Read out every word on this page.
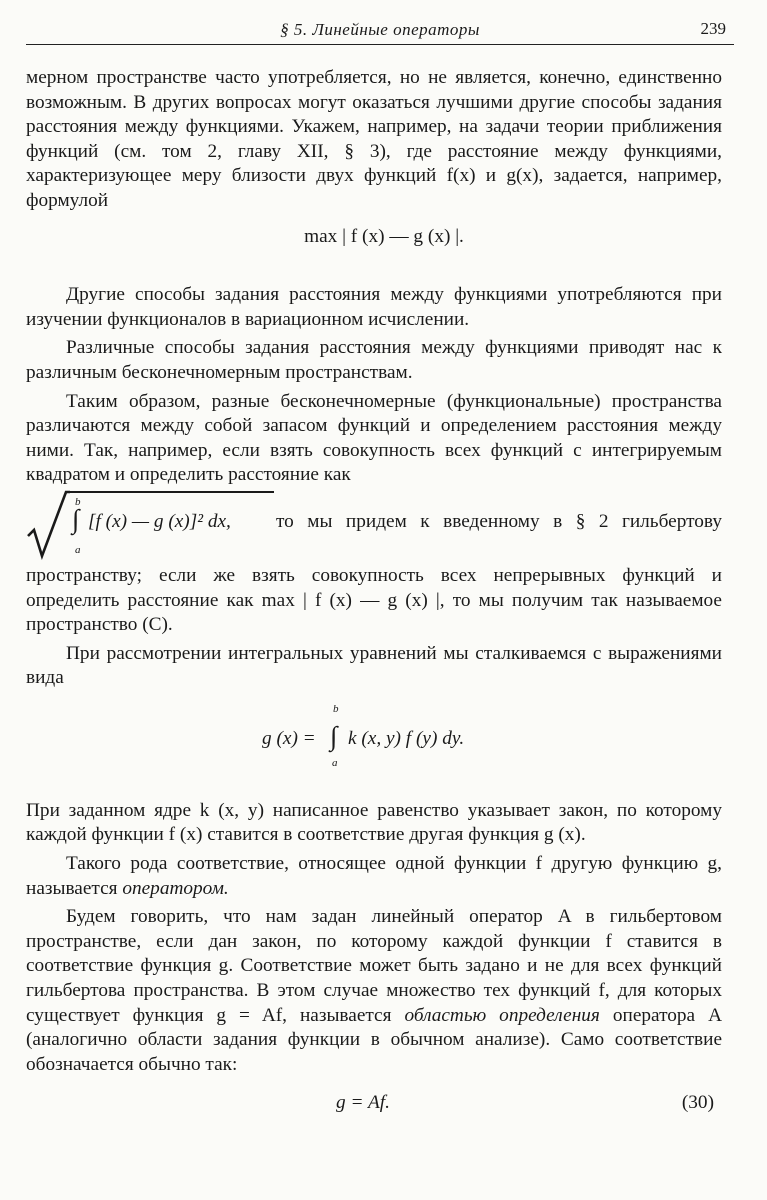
§ 5. Линейные операторы	239

мерном пространстве часто употребляется, но не является, конечно, единственно возможным. В других вопросах могут оказаться лучшими другие способы задания расстояния между функциями. Укажем, например, на задачи теории приближения функций (см. том 2, главу XII, § 3), где расстояние между функциями, характеризующее меру близости двух функций f(x) и g(x), задается, например, формулой

max | f (x) — g (x) |.

Другие способы задания расстояния между функциями употребляются при изучении функционалов в вариационном исчислении.

Различные способы задания расстояния между функциями приводят нас к различным бесконечномерным пространствам.

Таким образом, разные бесконечномерные (функциональные) пространства различаются между собой запасом функций и определением расстояния между ними. Так, например, если взять совокупность всех функций с интегрируемым квадратом и определить расстояние как

b
∫
a
[f (x) — g (x)]² dx, то мы придем к введенному в § 2 гильбертову

пространству; если же взять совокупность всех непрерывных функций и определить расстояние как max | f (x) — g (x) |, то мы получим так называемое пространство (C).

При рассмотрении интегральных уравнений мы сталкиваемся с выражениями вида

g (x) =
b
∫
a
k (x, y) f (y) dy.

При заданном ядре k (x, y) написанное равенство указывает закон, по которому каждой функции f (x) ставится в соответствие другая функция g (x).

Такого рода соответствие, относящее одной функции f другую функцию g, называется оператором.

Будем говорить, что нам задан линейный оператор A в гильбертовом пространстве, если дан закон, по которому каждой функции f ставится в соответствие функция g. Соответствие может быть задано и не для всех функций гильбертова пространства. В этом случае множество тех функций f, для которых существует функция g = Af, называется областью определения оператора A (аналогично области задания функции в обычном анализе). Само соответствие обозначается обычно так:

g = Af.	(30)
